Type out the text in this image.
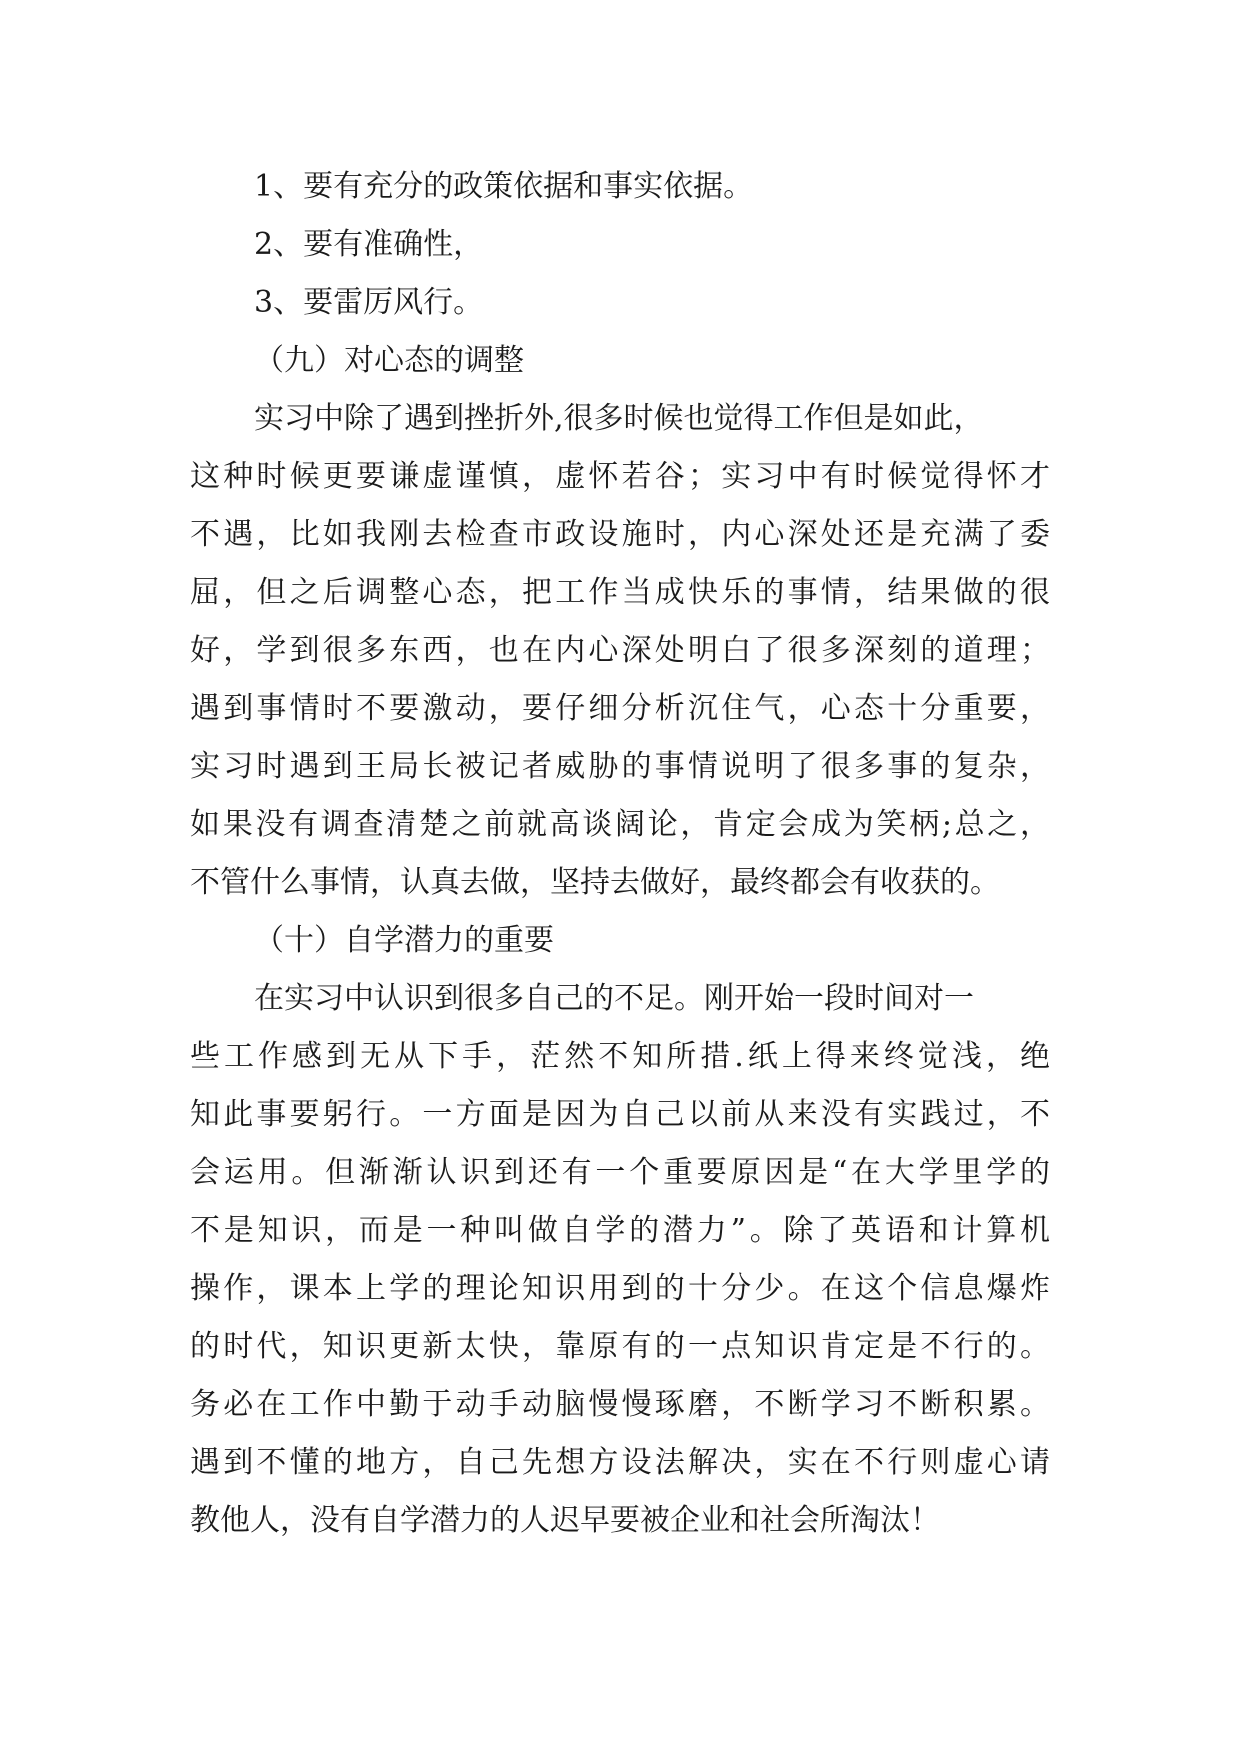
1、要有充分的政策依据和事实依据。
2、要有准确性，
3、要雷厉风行。
（九）对心态的调整
实习中除了遇到挫折外,很多时候也觉得工作但是如此，
这种时候更要谦虚谨慎，虚怀若谷；实习中有时候觉得怀才
不遇，比如我刚去检查市政设施时，内心深处还是充满了委
屈，但之后调整心态，把工作当成快乐的事情，结果做的很
好，学到很多东西，也在内心深处明白了很多深刻的道理；
遇到事情时不要激动，要仔细分析沉住气，心态十分重要，
实习时遇到王局长被记者威胁的事情说明了很多事的复杂，
如果没有调查清楚之前就高谈阔论，肯定会成为笑柄;总之，
不管什么事情，认真去做，坚持去做好，最终都会有收获的。
（十）自学潜力的重要
在实习中认识到很多自己的不足。刚开始一段时间对一
些工作感到无从下手，茫然不知所措.纸上得来终觉浅，绝
知此事要躬行。一方面是因为自己以前从来没有实践过，不
会运用。但渐渐认识到还有一个重要原因是“在大学里学的
不是知识，而是一种叫做自学的潜力”。除了英语和计算机
操作，课本上学的理论知识用到的十分少。在这个信息爆炸
的时代，知识更新太快，靠原有的一点知识肯定是不行的。
务必在工作中勤于动手动脑慢慢琢磨，不断学习不断积累。
遇到不懂的地方，自己先想方设法解决，实在不行则虚心请
教他人，没有自学潜力的人迟早要被企业和社会所淘汰！
